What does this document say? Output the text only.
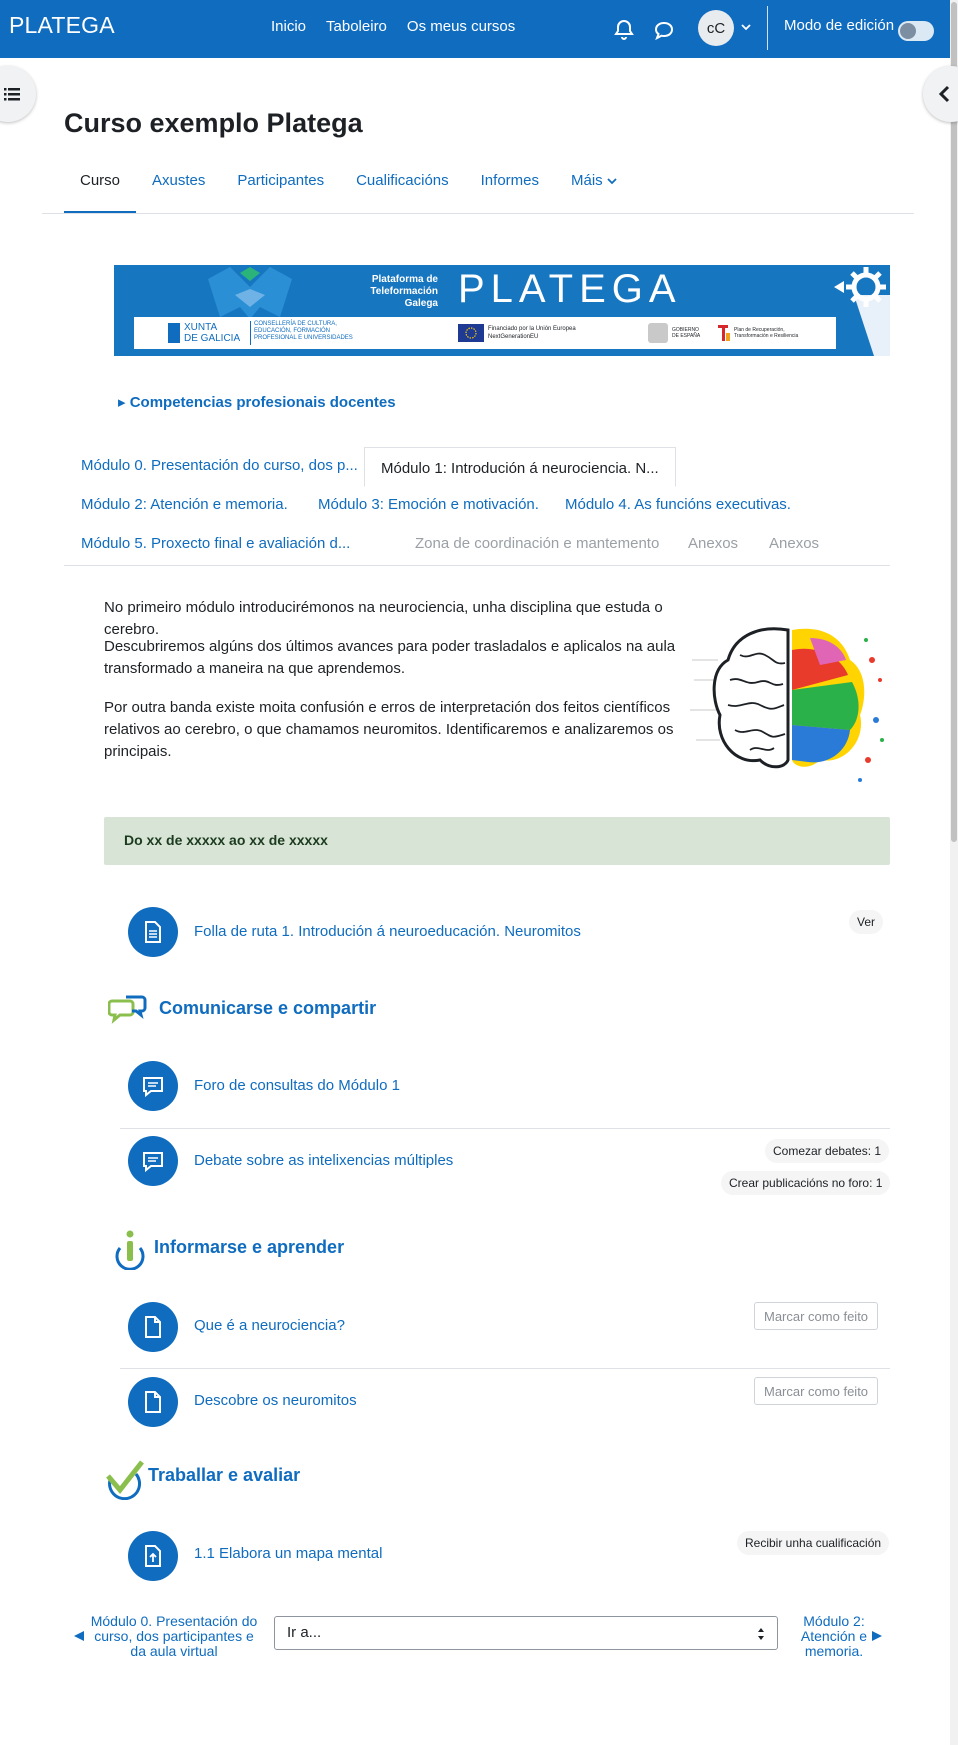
PLATEGA	Inicio Taboleiro Os meus cursos	cC	Modo de edición
Curso exemplo Platega
Curso	Axustes	Participantes	Cualificacións	Informes	Máis
Plataforma de
Teleformación
Galega PLATEGA
XUNTA
DE GALICIA
CONSELLERÍA DE CULTURA,
EDUCACIÓN, FORMACIÓN
PROFESIONAL E UNIVERSIDADES
Financiado por la Unión Europea
NextGenerationEU
GOBIERNO
DE ESPAÑA
Plan de Recuperación,
Transformación e Resiliencia
▸ Competencias profesionais docentes
Módulo 0. Presentación do curso, dos p...	Módulo 1: Introdución á neurociencia. N...
Módulo 2: Atención e memoria. Módulo 3: Emoción e motivación. Módulo 4. As funcións executivas.
Módulo 5. Proxecto final e avaliación d...	Zona de coordinación e mantemento Anexos Anexos

No primeiro módulo introducirémonos na neurociencia, unha disciplina que estuda o cerebro.

Descubriremos algúns dos últimos avances para poder trasladalos e aplicalos na aula transformado a maneira na que aprendemos.

Por outra banda existe moita confusión e erros de interpretación dos feitos científicos relativos ao cerebro, o que chamamos neuromitos. Identificaremos e analizaremos os principais.

Do xx de xxxxx ao xx de xxxxx
Folla de ruta 1. Introdución á neuroeducación. Neuromitos
Ver
Comunicarse e compartir
Foro de consultas do Módulo 1
Debate sobre as intelixencias múltiples
Comezar debates: 1
Crear publicacións no foro: 1
Informarse e aprender
Que é a neurociencia?
Marcar como feito
Descobre os neuromitos
Marcar como feito
Traballar e avaliar
1.1 Elabora un mapa mental
Recibir unha cualificación
Módulo 0. Presentación do
curso, dos participantes e
da aula virtual
Ir a...
Módulo 2:
Atención e
memoria.
